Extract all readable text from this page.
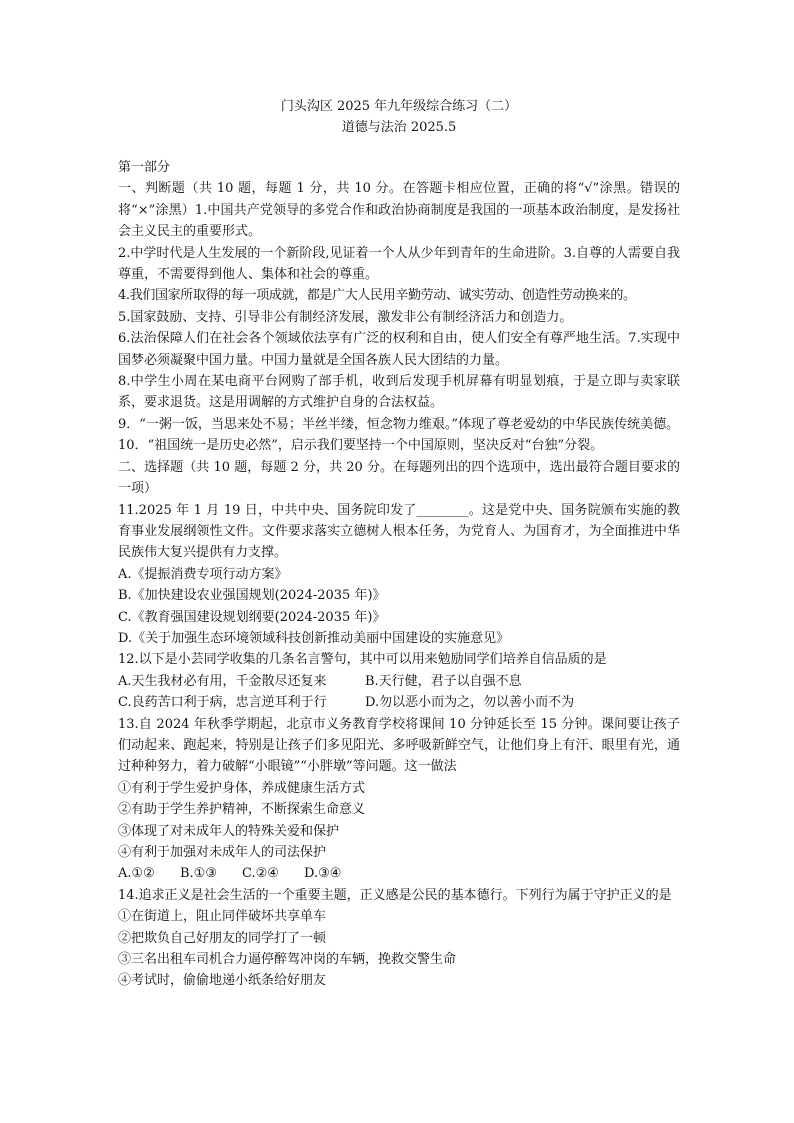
门头沟区 2025 年九年级综合练习（二）
道德与法治 2025.5
第一部分
一、判断题（共 10 题，每题 1 分，共 10 分。在答题卡相应位置，正确的将“√”涂黑。错误的将“×”涂黑）1.中国共产党领导的多党合作和政治协商制度是我国的一项基本政治制度，是发扬社会主义民主的重要形式。
2.中学时代是人生发展的一个新阶段,见证着一个人从少年到青年的生命进阶。3.自尊的人需要自我尊重，不需要得到他人、集体和社会的尊重。
4.我们国家所取得的每一项成就，都是广大人民用辛勤劳动、诚实劳动、创造性劳动换来的。
5.国家鼓励、支持、引导非公有制经济发展，激发非公有制经济活力和创造力。
6.法治保障人们在社会各个领域依法享有广泛的权利和自由，使人们安全有尊严地生活。7.实现中国梦必须凝聚中国力量。中国力量就是全国各族人民大团结的力量。
8.中学生小周在某电商平台网购了部手机，收到后发现手机屏幕有明显划痕，于是立即与卖家联系，要求退货。这是用调解的方式维护自身的合法权益。
9．“一粥一饭，当思来处不易；半丝半缕，恒念物力维艰。”体现了尊老爱幼的中华民族传统美德。
10．“祖国统一是历史必然”，启示我们要坚持一个中国原则，坚决反对“台独”分裂。
二、选择题（共 10 题，每题 2 分，共 20 分。在每题列出的四个选项中，选出最符合题目要求的一项）
11.2025 年 1 月 19 日，中共中央、国务院印发了________。这是党中央、国务院颁布实施的教育事业发展纲领性文件。文件要求落实立德树人根本任务，为党育人、为国育才，为全面推进中华民族伟大复兴提供有力支撑。
A.《提振消费专项行动方案》
B.《加快建设农业强国规划(2024-2035 年)》
C.《教育强国建设规划纲要(2024-2035 年)》
D.《关于加强生态环境领域科技创新推动美丽中国建设的实施意见》
12.以下是小芸同学收集的几条名言警句，其中可以用来勉励同学们培养自信品质的是
A.天生我材必有用，千金散尽还复来	B.天行健，君子以自强不息
C.良药苦口利于病，忠言逆耳利于行	D.勿以恶小而为之，勿以善小而不为
13.自 2024 年秋季学期起，北京市义务教育学校将课间 10 分钟延长至 15 分钟。课间要让孩子们动起来、跑起来，特别是让孩子们多见阳光、多呼吸新鲜空气，让他们身上有汗、眼里有光，通过种种努力，着力破解“小眼镜”“小胖墩”等问题。这一做法
①有利于学生爱护身体，养成健康生活方式
②有助于学生养护精神，不断探索生命意义
③体现了对未成年人的特殊关爱和保护
④有利于加强对未成年人的司法保护
A.①②	B.①③	C.②④	D.③④
14.追求正义是社会生活的一个重要主题，正义感是公民的基本德行。下列行为属于守护正义的是
①在街道上，阻止同伴破坏共享单车
②把欺负自己好朋友的同学打了一顿
③三名出租车司机合力逼停醉驾冲岗的车辆，挽救交警生命
④考试时，偷偷地递小纸条给好朋友
